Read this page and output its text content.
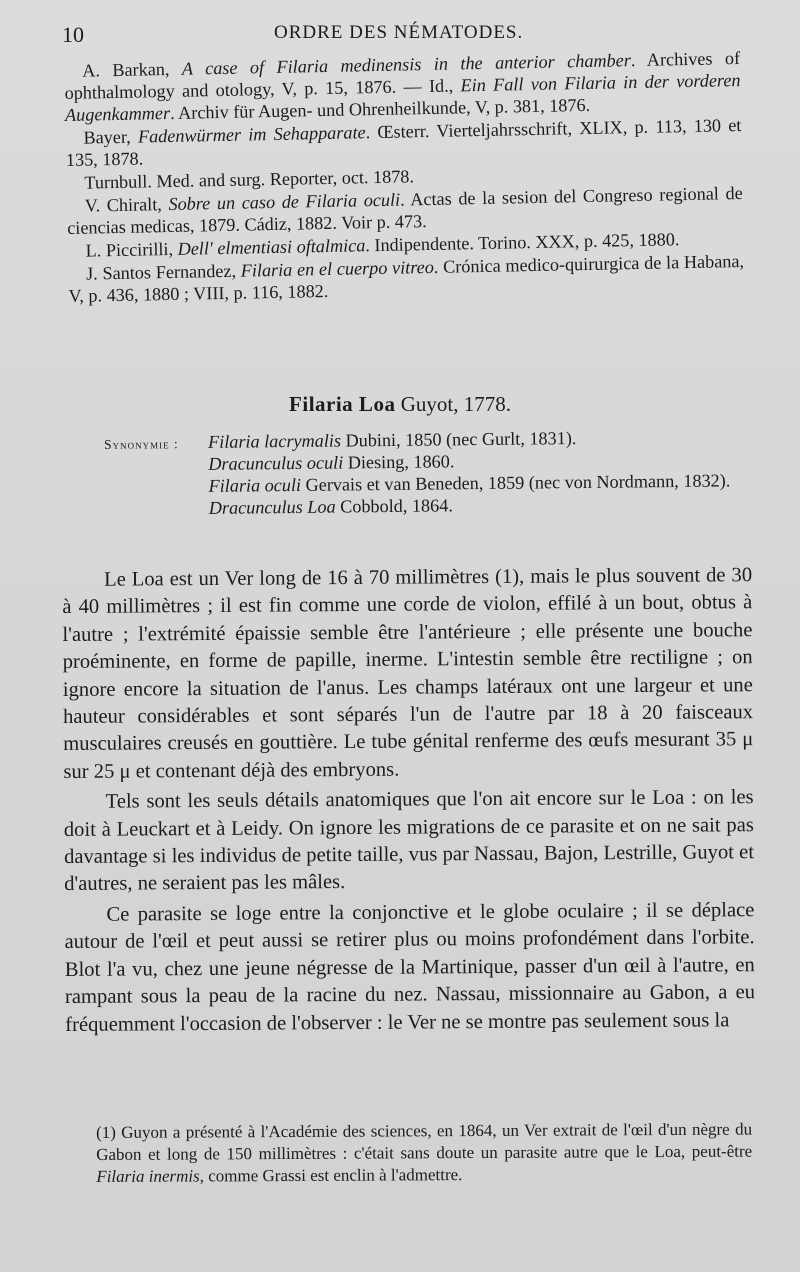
10	ORDRE DES NÉMATODES.

A. Barkan, A case of Filaria medinensis in the anterior chamber. Archives of ophthalmology and otology, V, p. 15, 1876. — Id., Ein Fall von Filaria in der vorderen Augenkammer. Archiv für Augen- und Ohrenheilkunde, V, p. 381, 1876.

Bayer, Fadenwürmer im Sehapparate. Œsterr. Vierteljahrsschrift, XLIX, p. 113, 130 et 135, 1878.

Turnbull. Med. and surg. Reporter, oct. 1878.

V. Chiralt, Sobre un caso de Filaria oculi. Actas de la sesion del Congreso regional de ciencias medicas, 1879. Cádiz, 1882. Voir p. 473.

L. Piccirilli, Dell' elmentiasi oftalmica. Indipendente. Torino. XXX, p. 425, 1880.

J. Santos Fernandez, Filaria en el cuerpo vitreo. Crónica medico-quirurgica de la Habana, V, p. 436, 1880 ; VIII, p. 116, 1882.

Filaria Loa Guyot, 1778.
Synonymie : Filaria lacrymalis Dubini, 1850 (nec Gurlt, 1831).

Dracunculus oculi Diesing, 1860.

Filaria oculi Gervais et van Beneden, 1859 (nec von Nordmann, 1832).

Dracunculus Loa Cobbold, 1864.

Le Loa est un Ver long de 16 à 70 millimètres (1), mais le plus souvent de 30 à 40 millimètres ; il est fin comme une corde de violon, effilé à un bout, obtus à l'autre ; l'extrémité épaissie semble être l'antérieure ; elle présente une bouche proéminente, en forme de papille, inerme. L'intestin semble être rectiligne ; on ignore encore la situation de l'anus. Les champs latéraux ont une largeur et une hauteur considérables et sont séparés l'un de l'autre par 18 à 20 faisceaux musculaires creusés en gouttière. Le tube génital renferme des œufs mesurant 35 μ sur 25 μ et contenant déjà des embryons.

Tels sont les seuls détails anatomiques que l'on ait encore sur le Loa : on les doit à Leuckart et à Leidy. On ignore les migrations de ce parasite et on ne sait pas davantage si les individus de petite taille, vus par Nassau, Bajon, Lestrille, Guyot et d'autres, ne seraient pas les mâles.

Ce parasite se loge entre la conjonctive et le globe oculaire ; il se déplace autour de l'œil et peut aussi se retirer plus ou moins profondément dans l'orbite. Blot l'a vu, chez une jeune négresse de la Martinique, passer d'un œil à l'autre, en rampant sous la peau de la racine du nez. Nassau, missionnaire au Gabon, a eu fréquemment l'occasion de l'observer : le Ver ne se montre pas seulement sous la

(1) Guyon a présenté à l'Académie des sciences, en 1864, un Ver extrait de l'œil d'un nègre du Gabon et long de 150 millimètres : c'était sans doute un parasite autre que le Loa, peut-être Filaria inermis, comme Grassi est enclin à l'admettre.
